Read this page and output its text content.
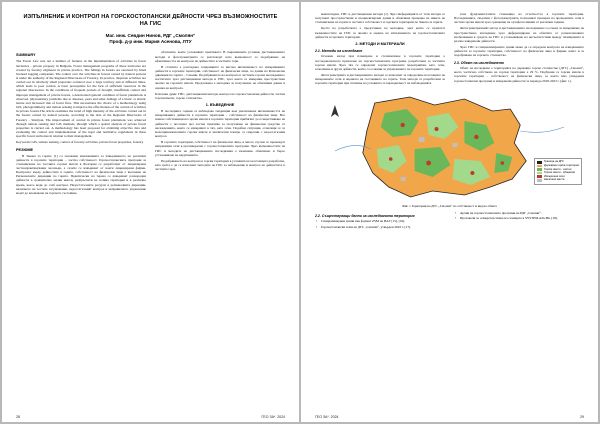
ИЗПЪЛНЕНИЕ И КОНТРОЛ НА ГОРСКОСТОПАНСКИ ДЕЙНОСТИ ЧРЕЗ ВЪЗМОЖНОСТИТЕ НА ГИС
Маг. инж. Севдин Нинов, РДГ „Смолян“
Проф. д-р инж. Мария Асенова, ЛТУ
SUMMARY
The Forest Law sets out a number of features in the implementation of activities in forest territories - private property in Bulgaria. Forest management programs of these territories are created by forestry engineers in private practice. The fellings in forests are executed by hired licensed logging companies. The control over the activities in forests owned by natural persons is under the authority of the Regional Directorate of Forestry. In practice, disparate activities are carried out in relatively small properties scattered over a large territory and at different times, which leads to poor control. A basic prerequisite for the lack of sufficient resources in the regional directorates. In the conditions of frequent periods of drought, insufficient control and improper management of private forests, a deteriorated general condition of forest plantations is observed, phytosanitary problems due to diseases, pests and other damage of a biotic or abiotic nature and increased risk of forest fires. This necessitates the choice of a methodology using GIS, photogrammetry and remote sensing to improve the effectiveness of the control of activities in private forests.The article examines the trend of high intensity of the activities carried out in the forests owned by natural persons, according to the data of the Regional Directorate of Forestry - Smolyan. The improvement of control in private forest plantations was achieved through remote sensing and GIS methods, through which a spatial analysis of private forest properties is carried out. A methodology has been proposed for obtaining objective data and evaluating the control and implementation of the legal and normative regulations in these specific forest territories in relation to their management.
Keywords: GIS, remote sensing, control of forestry activities, private forest properties, forestry
РЕЗЮМЕ
В Закона за горите [1] са заложени изискванията за извършването на различни дейности в горските територии – частна собственост. Горскостопанските програми за стопанисване на частните горски имоти в България се разработват от лицензирани частнопрактикуващи лесовъди, а сечите се извършват от наети лицензирани фирми. Контролът върху дейностите в горите, собственост на физически лица е възложен на Регионалните дирекции по горите. Практически на терена се извършват разнородни дейности в сравнително малки имоти, разпръснати на голяма територия и в различно време, което води до слаб контрол. Недостатъчните ресурси в регионалните дирекции, наличието на честите засушавания, недостатъчният контрол и неправилното управление водят до влошаване на горското състояние.
облачните, които усложняват практиката. В съвременните условия, дистанционните методи и фотограметрията се разглеждат като възможност за подобряване на ефективността на контрола на дейностите в частните гори.
В статията е разгледана тенденцията за висока интензивност на извършваните дейности в горските територии, собственост на физически лица, по данни на Регионална дирекция по горите – Смолян. Подобряването на контрола в частните горски насаждения е постигнато чрез дистанционни методи и ГИС, чрез които се извършва пространствен анализ на горските имоти. Предложена е методика за получаване на обективни данни и оценка на контрола.
Ключови думи: ГИС, дистанционни методи, контрол на горскостопански дейности, частни горски имоти, горско стопанство.
1. ВЪВЕДЕНИЕ
В последните години се наблюдава тенденция към увеличаване интензивността на извършваните дейности в горските територии – собственост на физически лица. Все повече собственици на горски имоти в горските територии прибягват до осъществяване на дейности с посочена цел частна практика за получаване на финансови средства от насажденията, които се извършват в тях, като сечи. Подобни ситуации, отнасящи се за малопривлекателните горски имоти и значителни площи, са свързани с недостатъчния контрол.
В горските територии, собственост на физически лица, в много случаи се провеждат неправилни сечи в противоречие с горскостопанските програми. Чрез възможностите на ГИС и методите на дистанционните изследвания е възможно обективно и бързо установяване на нарушенията.
Подобряването на контрола в горски територии в условията на настоящата разработка, като целта е да се използват методите на ГИС за наблюдение и контрол на дейностите в частните гори.
28	ГЕО ЗА*. 2024
компютърни, ГИС и дистанционни методи [1]. Чрез информацията от тези методи се получават пространствени и специализирани данни и обективна преценка на нивата на стопанисване на горите в частната собственост и горските територии по Закона за горите.
Целта на разработката е представяне на методика, чрез която се прилагат възможностите на ГИС за анализ и оценка на изпълнението на горскостопанските дейности в горските територии.
2. МЕТОДИ И МАТЕРИАЛИ
2.1. Методи на изследване
Основен метод при планиране и стопанисване в горските територии е последователното прилагане на горскостопанските програми, разработени за частните горски имоти. Чрез тях се определят горскостопанските мероприятия, като сечи, залесяване и други дейности, които са основни за управлението на горските територии.
Фотограметрията и дистанционните методи се използват за определяне на площите на извършените сечи и оценката на състоянието на горите. Тези методи са разработени за горските територии при спазване на условията за периодичност на наблюденията.
това фундаменталните становища на отчетността в горските територии. Изследванията, свързани с фотограметрията, позволяват проверка на проведените сечи в частни горски имоти чрез сравнение на ортофотоснимки от различни години.
Фотограметричният метод и дистанционните изследвания са основа за извършване на пространствено изследване чрез диференциране на обектите от разноплановите изображения в средата на ГИС и установяване на несъответствия между планираните и реално извършени дейности.
Чрез ГИС и специализираните данни може да се определи контрола на извършените дейности за горските територии, собственост на физически лица и фирми, както и за подобряване на горското стопанство.
2.3. Обект на изследването
Обект на изследване е територията на държавно горско стопанство (ДГС) „Смолян“, което частично собствено на горски територии е 29 %. Подбрани са горски имоти в горските територии – собственост на физически лица, за които има утвърдени горскостопански програми и извършени дейности за периода 2018-2023 г. (фиг. 1).
Граница на ДГС
Държавна горска територия
Горски имоти - частни
Горски имоти - общински
Извършени сечи
Населени места
Фиг. 1 Територия на ДГС „Смолян“ по собственост и вид на обекта
2.2. Съществуващи данни за изследваната територия
• Специализирани данни във формат ZSM на ИАГ [15], [16].
• Горскостопански план на ДГС „Смолян“, утвърден 2022 г. [17].
• Архив на горскостопанските програми на РДГ „Смолян“.
• Протоколи за освидетелстване на сечищата в SYSTEM.AIG.BG [18].
ГЕО ЗА*. 2024	29
